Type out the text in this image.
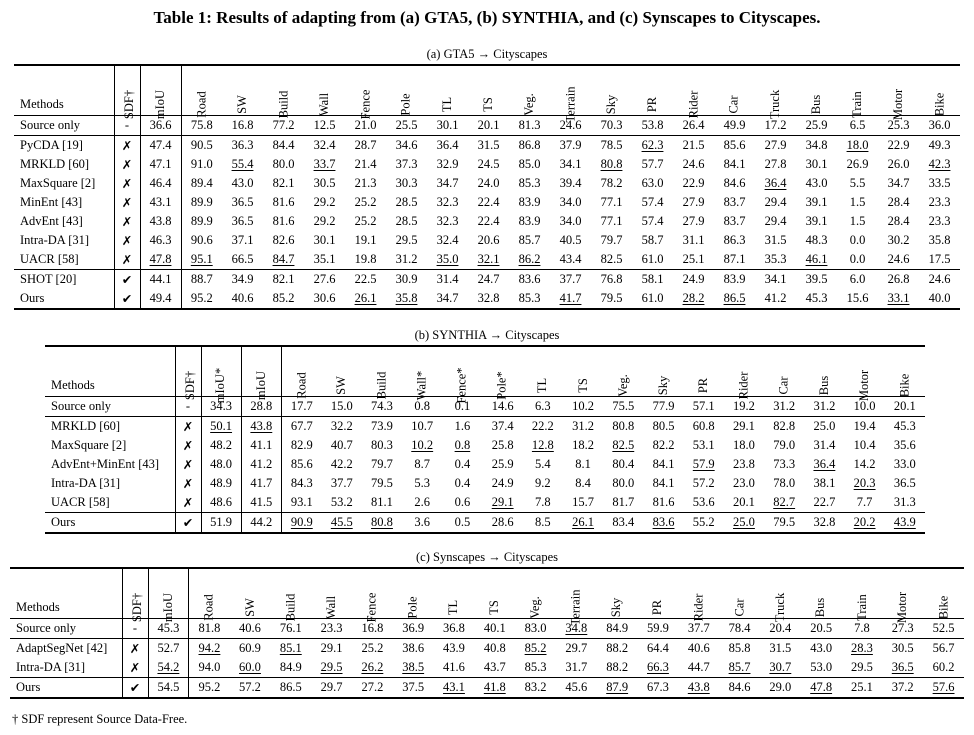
Table 1: Results of adapting from (a) GTA5, (b) SYNTHIA, and (c) Synscapes to Cityscapes.
(a) GTA5 → Cityscapes
Methods	SDF†	mIoU	Road	SW	Build	Wall	Fence	Pole	TL	TS	Veg.	Terrain	Sky	PR	Rider	Car	Truck	Bus	Train	Motor	Bike
Source only	-	36.6	75.8	16.8	77.2	12.5	21.0	25.5	30.1	20.1	81.3	24.6	70.3	53.8	26.4	49.9	17.2	25.9	6.5	25.3	36.0
PyCDA [19]	✗	47.4	90.5	36.3	84.4	32.4	28.7	34.6	36.4	31.5	86.8	37.9	78.5	62.3	21.5	85.6	27.9	34.8	18.0	22.9	49.3
MRKLD [60]	✗	47.1	91.0	55.4	80.0	33.7	21.4	37.3	32.9	24.5	85.0	34.1	80.8	57.7	24.6	84.1	27.8	30.1	26.9	26.0	42.3
MaxSquare [2]	✗	46.4	89.4	43.0	82.1	30.5	21.3	30.3	34.7	24.0	85.3	39.4	78.2	63.0	22.9	84.6	36.4	43.0	5.5	34.7	33.5
MinEnt [43]	✗	43.1	89.9	36.5	81.6	29.2	25.2	28.5	32.3	22.4	83.9	34.0	77.1	57.4	27.9	83.7	29.4	39.1	1.5	28.4	23.3
AdvEnt [43]	✗	43.8	89.9	36.5	81.6	29.2	25.2	28.5	32.3	22.4	83.9	34.0	77.1	57.4	27.9	83.7	29.4	39.1	1.5	28.4	23.3
Intra-DA [31]	✗	46.3	90.6	37.1	82.6	30.1	19.1	29.5	32.4	20.6	85.7	40.5	79.7	58.7	31.1	86.3	31.5	48.3	0.0	30.2	35.8
UACR [58]	✗	47.8	95.1	66.5	84.7	35.1	19.8	31.2	35.0	32.1	86.2	43.4	82.5	61.0	25.1	87.1	35.3	46.1	0.0	24.6	17.5
SHOT [20]	✔	44.1	88.7	34.9	82.1	27.6	22.5	30.9	31.4	24.7	83.6	37.7	76.8	58.1	24.9	83.9	34.1	39.5	6.0	26.8	24.6
Ours	✔	49.4	95.2	40.6	85.2	30.6	26.1	35.8	34.7	32.8	85.3	41.7	79.5	61.0	28.2	86.5	41.2	45.3	15.6	33.1	40.0
(b) SYNTHIA → Cityscapes
Methods	SDF†	mIoU*	mIoU	Road	SW	Build	Wall*	Fence*	Pole*	TL	TS	Veg.	Sky	PR	Rider	Car	Bus	Motor	Bike
Source only	-	34.3	28.8	17.7	15.0	74.3	0.8	0.1	14.6	6.3	10.2	75.5	77.9	57.1	19.2	31.2	31.2	10.0	20.1
MRKLD [60]	✗	50.1	43.8	67.7	32.2	73.9	10.7	1.6	37.4	22.2	31.2	80.8	80.5	60.8	29.1	82.8	25.0	19.4	45.3
MaxSquare [2]	✗	48.2	41.1	82.9	40.7	80.3	10.2	0.8	25.8	12.8	18.2	82.5	82.2	53.1	18.0	79.0	31.4	10.4	35.6
AdvEnt+MinEnt [43]	✗	48.0	41.2	85.6	42.2	79.7	8.7	0.4	25.9	5.4	8.1	80.4	84.1	57.9	23.8	73.3	36.4	14.2	33.0
Intra-DA [31]	✗	48.9	41.7	84.3	37.7	79.5	5.3	0.4	24.9	9.2	8.4	80.0	84.1	57.2	23.0	78.0	38.1	20.3	36.5
UACR [58]	✗	48.6	41.5	93.1	53.2	81.1	2.6	0.6	29.1	7.8	15.7	81.7	81.6	53.6	20.1	82.7	22.7	7.7	31.3
Ours	✔	51.9	44.2	90.9	45.5	80.8	3.6	0.5	28.6	8.5	26.1	83.4	83.6	55.2	25.0	79.5	32.8	20.2	43.9
(c) Synscapes → Cityscapes
Methods	SDF†	mIoU	Road	SW	Build	Wall	Fence	Pole	TL	TS	Veg.	Terrain	Sky	PR	Rider	Car	Truck	Bus	Train	Motor	Bike
Source only	-	45.3	81.8	40.6	76.1	23.3	16.8	36.9	36.8	40.1	83.0	34.8	84.9	59.9	37.7	78.4	20.4	20.5	7.8	27.3	52.5
AdaptSegNet [42]	✗	52.7	94.2	60.9	85.1	29.1	25.2	38.6	43.9	40.8	85.2	29.7	88.2	64.4	40.6	85.8	31.5	43.0	28.3	30.5	56.7
Intra-DA [31]	✗	54.2	94.0	60.0	84.9	29.5	26.2	38.5	41.6	43.7	85.3	31.7	88.2	66.3	44.7	85.7	30.7	53.0	29.5	36.5	60.2
Ours	✔	54.5	95.2	57.2	86.5	29.7	27.2	37.5	43.1	41.8	83.2	45.6	87.9	67.3	43.8	84.6	29.0	47.8	25.1	37.2	57.6
† SDF represent Source Data-Free.
